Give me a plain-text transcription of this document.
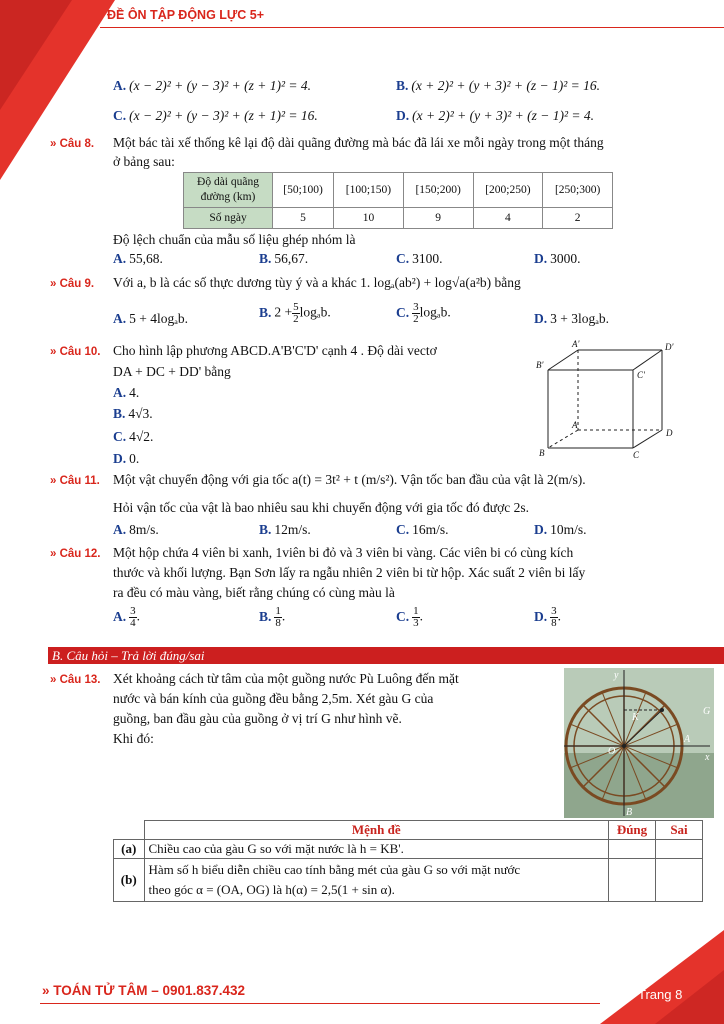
ĐỀ ÔN TẬP ĐỘNG LỰC 5+
A. (x − 2)² + (y − 3)² + (z + 1)² = 4.	B. (x + 2)² + (y + 3)² + (z − 1)² = 16.
C. (x − 2)² + (y − 3)² + (z + 1)² = 16.	D. (x + 2)² + (y + 3)² + (z − 1)² = 4.
» Câu 8. Một bác tài xế thống kê lại độ dài quãng đường mà bác đã lái xe mỗi ngày trong một tháng
ở bảng sau:
Độ dài quãng
đường (km)	[50;100)	[100;150)	[150;200)	[200;250)	[250;300)
Số ngày	5	10	9	4	2
Độ lệch chuẩn của mẫu số liệu ghép nhóm là
A. 55,68.	B. 56,67.	C. 3100.	D. 3000.
» Câu 9. Với a, b là các số thực dương tùy ý và a khác 1. logₐ(ab²) + log√a(a²b) bằng
A. 5 + 4logₐb.	B. $2 + \frac{5}{2} \log_ab$.	C. $\frac{3}{2} \log_ab$.	D. 3 + 3logₐb.
» Câu 10. Cho hình lập phương ABCD.A'B'C'D' cạnh 4 . Độ dài vectơ
DA + DC + DD' bằng
A. 4.
B. 4√3.
C. 4√2.
D. 0.
A'	D'
B'
C'
A
B	C
D
» Câu 11. Một vật chuyển động với gia tốc a(t) = 3t² + t (m/s²). Vận tốc ban đầu của vật là 2(m/s).
Hỏi vận tốc của vật là bao nhiêu sau khi chuyển động với gia tốc đó được 2s.
A. 8m/s.	B. 12m/s.	C. 16m/s.	D. 10m/s.
» Câu 12. Một hộp chứa 4 viên bi xanh, 1viên bi đỏ và 3 viên bi vàng. Các viên bi có cùng kích
thước và khối lượng. Bạn Sơn lấy ra ngẫu nhiên 2 viên bi từ hộp. Xác suất 2 viên bi lấy
ra đều có màu vàng, biết rằng chúng có cùng màu là
A. $\frac{3}{4}$ .	B. $\frac{1}{8}$ .	C. $\frac{1}{3}$ .	D. $\frac{3}{8}$ .
B. Câu hỏi – Trả lời đúng/sai
» Câu 13. Xét khoảng cách từ tâm của một guồng nước Pù Luông đến mặt
nước và bán kính của guồng đều bằng 2,5m. Xét gàu G của
guồng, ban đầu gàu của guồng ở vị trí G như hình vẽ.
Khi đó:
y
K
G
O
A
x
B
	Mệnh đề	Đúng	Sai
(a)	Chiều cao của gàu G so với mặt nước là h = KB'.		
(b)	Hàm số h biểu diễn chiều cao tính bằng mét của gàu G so với mặt nước
theo góc α = (OA, OG) là h(α) = 2,5(1 + sin α).		
» TOÁN TỬ TÂM – 0901.837.432	Trang 8
